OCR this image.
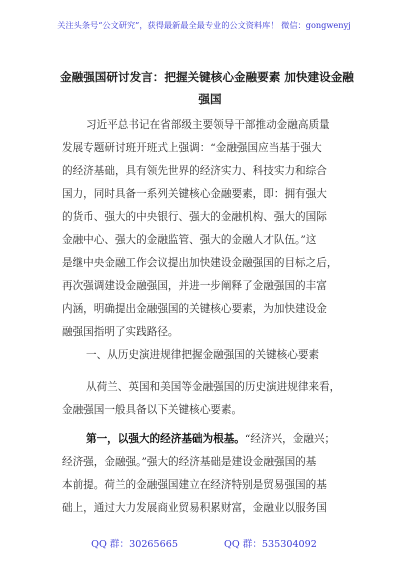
关注头条号“公文研究”，获得最新最全最专业的公文资料库！ 微信：gongwenyj
金融强国研讨发言：把握关键核心金融要素 加快建设金融
强国
习近平总书记在省部级主要领导干部推动金融高质量
发展专题研讨班开班式上强调：“金融强国应当基于强大
的经济基础，具有领先世界的经济实力、科技实力和综合
国力，同时具备一系列关键核心金融要素，即：拥有强大
的货币、强大的中央银行、强大的金融机构、强大的国际
金融中心、强大的金融监管、强大的金融人才队伍。”这
是继中央金融工作会议提出加快建设金融强国的目标之后，
再次强调建设金融强国，并进一步阐释了金融强国的丰富
内涵，明确提出金融强国的关键核心要素，为加快建设金
融强国指明了实践路径。
一、从历史演进规律把握金融强国的关键核心要素
从荷兰、英国和美国等金融强国的历史演进规律来看，
金融强国一般具备以下关键核心要素。
第一，以强大的经济基础为根基。“经济兴，金融兴；
经济强，金融强。”强大的经济基础是建设金融强国的基
本前提。荷兰的金融强国建立在经济特别是贸易强国的基
础上，通过大力发展商业贸易积累财富，金融业以服务国
QQ 群：30265665	QQ 群：535304092
